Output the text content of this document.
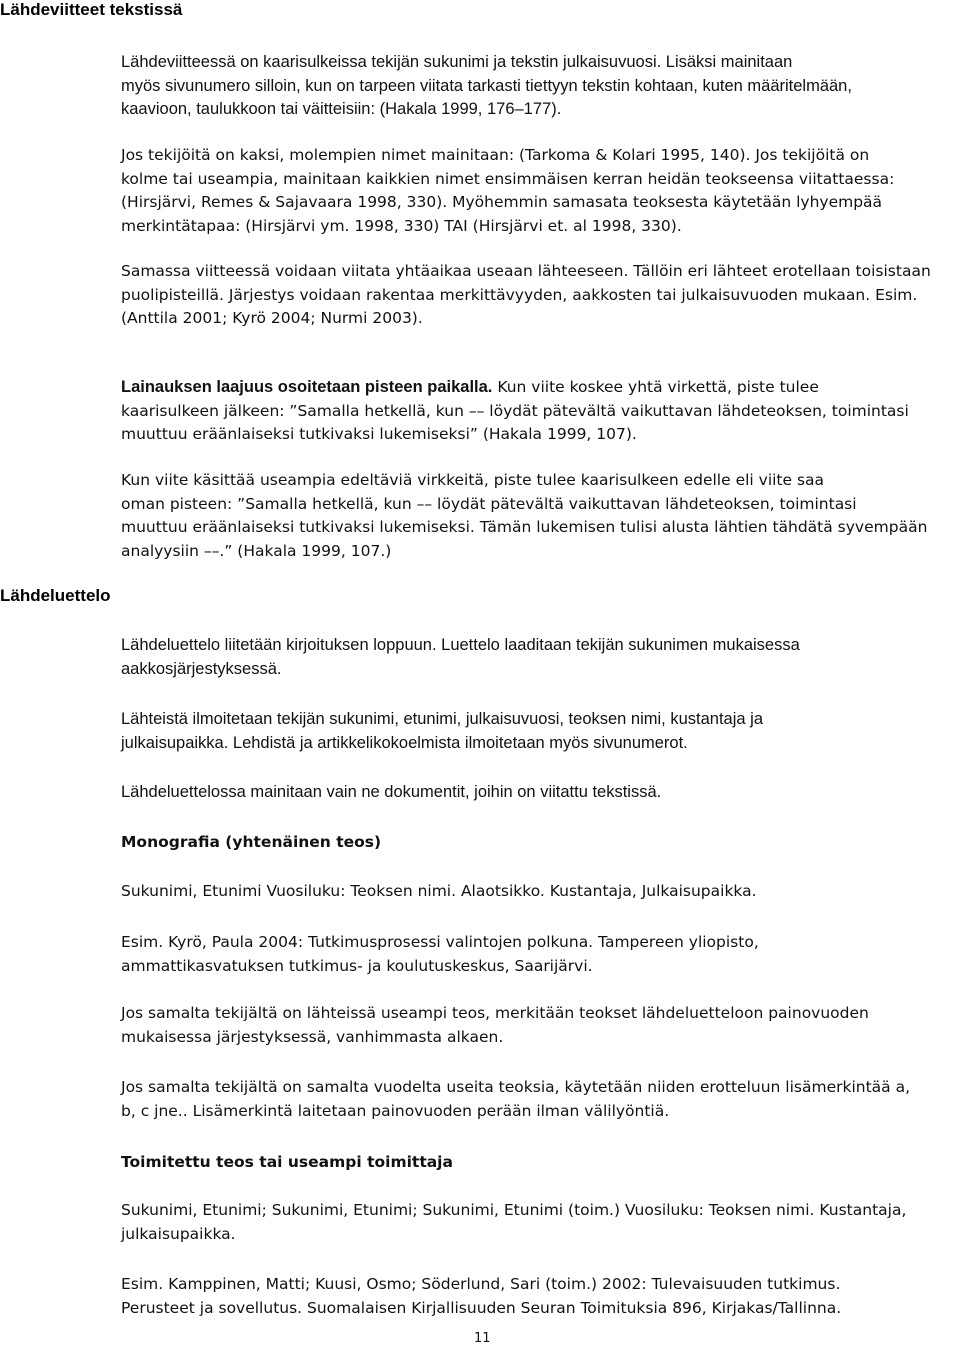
Lähdeviitteet tekstissä
Lähdeluettelo

Lähdeviitteessä on kaarisulkeissa tekijän sukunimi ja tekstin julkaisuvuosi. Lisäksi mainitaan
myös sivunumero silloin, kun on tarpeen viitata tarkasti tiettyyn tekstin kohtaan, kuten määritelmään,
kaavioon, taulukkoon tai väitteisiin: (Hakala 1999, 176–177).

Jos tekijöitä on kaksi, molempien nimet mainitaan: (Tarkoma & Kolari 1995, 140). Jos tekijöitä on
kolme tai useampia, mainitaan kaikkien nimet ensimmäisen kerran heidän teokseensa viitattaessa:
(Hirsjärvi, Remes & Sajavaara 1998, 330). Myöhemmin samasata teoksesta käytetään lyhyempää
merkintätapaa: (Hirsjärvi ym. 1998, 330) TAI (Hirsjärvi et. al 1998, 330).

Samassa viitteessä voidaan viitata yhtäaikaa useaan lähteeseen. Tällöin eri lähteet erotellaan toisistaan
puolipisteillä. Järjestys voidaan rakentaa merkittävyyden, aakkosten tai julkaisuvuoden mukaan. Esim.
(Anttila 2001; Kyrö 2004; Nurmi 2003).

Lainauksen laajuus osoitetaan pisteen paikalla. Kun viite koskee yhtä virkettä, piste tulee
kaarisulkeen jälkeen: ”Samalla hetkellä, kun –– löydät pätevältä vaikuttavan lähdeteoksen, toimintasi
muuttuu eräänlaiseksi tutkivaksi lukemiseksi” (Hakala 1999, 107).

Kun viite käsittää useampia edeltäviä virkkeitä, piste tulee kaarisulkeen edelle eli viite saa
oman pisteen: ”Samalla hetkellä, kun –– löydät pätevältä vaikuttavan lähdeteoksen, toimintasi
muuttuu eräänlaiseksi tutkivaksi lukemiseksi. Tämän lukemisen tulisi alusta lähtien tähdätä syvempään
analyysiin ––.” (Hakala 1999, 107.)

Lähdeluettelo liitetään kirjoituksen loppuun. Luettelo laaditaan tekijän sukunimen mukaisessa
aakkosjärjestyksessä.

Lähteistä ilmoitetaan tekijän sukunimi, etunimi, julkaisuvuosi, teoksen nimi, kustantaja ja
julkaisupaikka. Lehdistä ja artikkelikokoelmista ilmoitetaan myös sivunumerot.

Lähdeluettelossa mainitaan vain ne dokumentit, joihin on viitattu tekstissä.

Monografia (yhtenäinen teos)

Sukunimi, Etunimi Vuosiluku: Teoksen nimi. Alaotsikko. Kustantaja, Julkaisupaikka.

Esim. Kyrö, Paula 2004: Tutkimusprosessi valintojen polkuna. Tampereen yliopisto,
ammattikasvatuksen tutkimus- ja koulutuskeskus, Saarijärvi.

Jos samalta tekijältä on lähteissä useampi teos, merkitään teokset lähdeluetteloon painovuoden
mukaisessa järjestyksessä, vanhimmasta alkaen.

Jos samalta tekijältä on samalta vuodelta useita teoksia, käytetään niiden erotteluun lisämerkintää a,
b, c jne.. Lisämerkintä laitetaan painovuoden perään ilman välilyöntiä.

Toimitettu teos tai useampi toimittaja

Sukunimi, Etunimi; Sukunimi, Etunimi; Sukunimi, Etunimi (toim.) Vuosiluku: Teoksen nimi. Kustantaja,
julkaisupaikka.

Esim. Kamppinen, Matti; Kuusi, Osmo; Söderlund, Sari (toim.) 2002: Tulevaisuuden tutkimus.
Perusteet ja sovellutus. Suomalaisen Kirjallisuuden Seuran Toimituksia 896, Kirjakas/Tallinna.

11
